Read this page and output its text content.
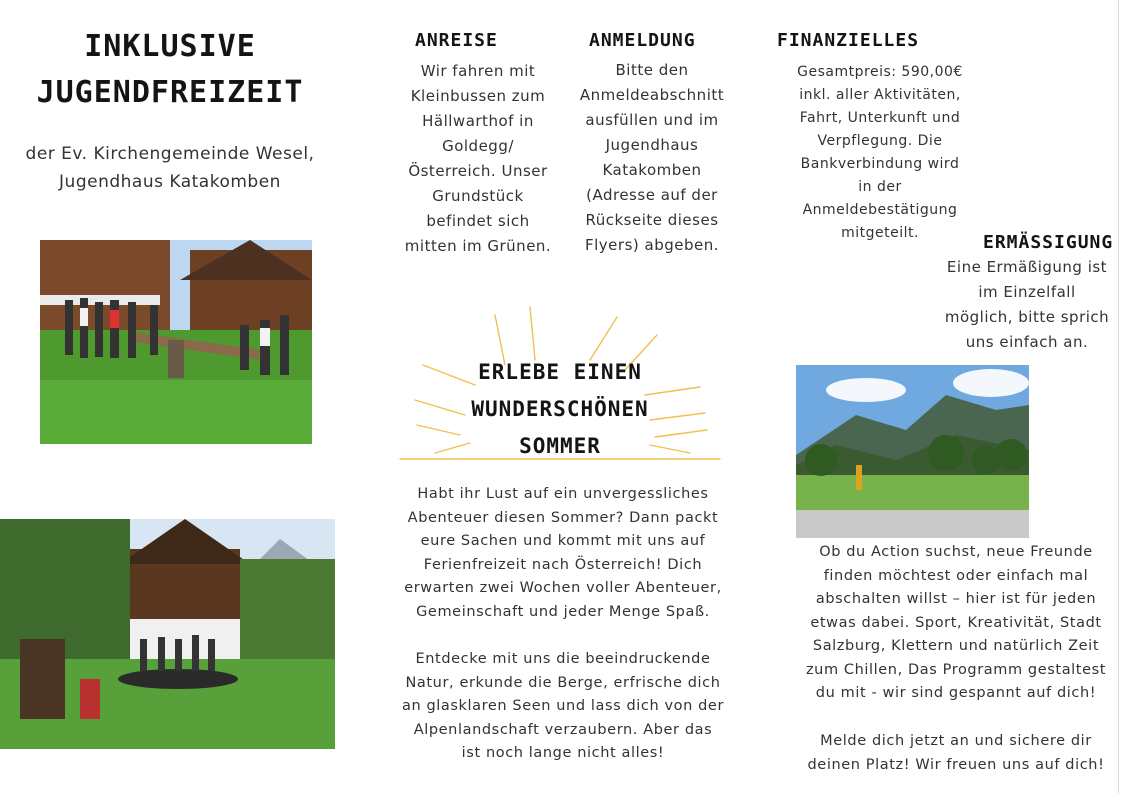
INKLUSIVE
JUGENDFREIZEIT
der Ev. Kirchengemeinde Wesel,
Jugendhaus Katakomben
ANREISE
Wir fahren mit
Kleinbussen zum
Hällwarthof in
Goldegg/
Österreich. Unser
Grundstück
befindet sich
mitten im Grünen.
ANMELDUNG
Bitte den
Anmeldeabschnitt
ausfüllen und im
Jugendhaus
Katakomben
(Adresse auf der
Rückseite dieses
Flyers) abgeben.
FINANZIELLES
Gesamtpreis: 590,00€
inkl. aller Aktivitäten,
Fahrt, Unterkunft und
Verpflegung. Die
Bankverbindung wird
in der
Anmeldebestätigung
mitgeteilt.	ERMÄSSIGUNG
Eine Ermäßigung ist
im Einzelfall
möglich, bitte sprich
uns einfach an.
ERLEBE EINEN
WUNDERSCHÖNEN
SOMMER
Habt ihr Lust auf ein unvergessliches
Abenteuer diesen Sommer? Dann packt
eure Sachen und kommt mit uns auf
Ferienfreizeit nach Österreich! Dich
erwarten zwei Wochen voller Abenteuer,
Gemeinschaft und jeder Menge Spaß.
Entdecke mit uns die beeindruckende
Natur, erkunde die Berge, erfrische dich
an glasklaren Seen und lass dich von der
Alpenlandschaft verzaubern. Aber das
ist noch lange nicht alles!
Ob du Action suchst, neue Freunde
finden möchtest oder einfach mal
abschalten willst – hier ist für jeden
etwas dabei. Sport, Kreativität, Stadt
Salzburg, Klettern und natürlich Zeit
zum Chillen, Das Programm gestaltest
du mit - wir sind gespannt auf dich!
Melde dich jetzt an und sichere dir
deinen Platz! Wir freuen uns auf dich!
